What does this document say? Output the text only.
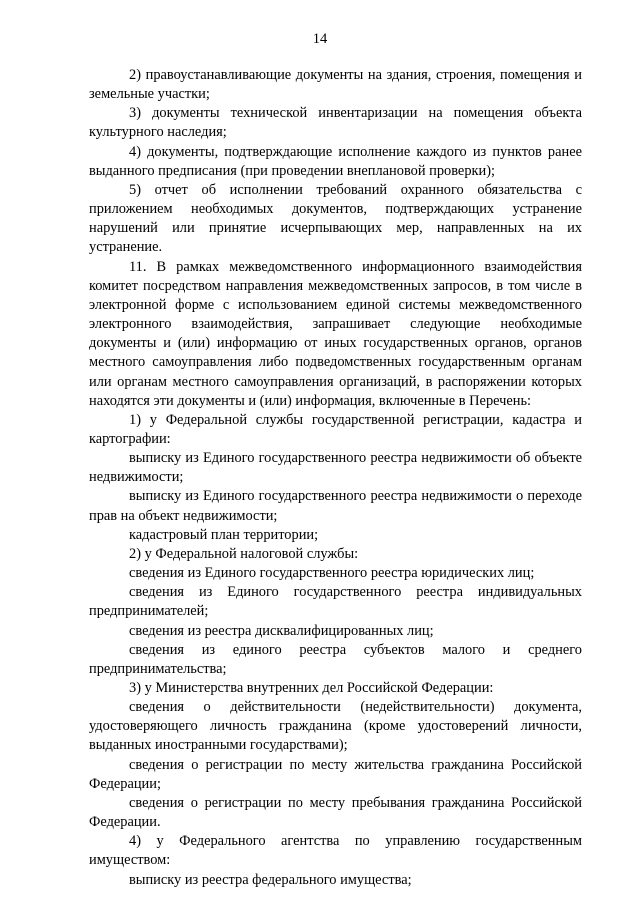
14

2) правоустанавливающие документы на здания, строения, помещения и земельные участки;

3) документы технической инвентаризации на помещения объекта культурного наследия;

4) документы, подтверждающие исполнение каждого из пунктов ранее выданного предписания (при проведении внеплановой проверки);

5) отчет об исполнении требований охранного обязательства с приложением необходимых документов, подтверждающих устранение нарушений или принятие исчерпывающих мер, направленных на их устранение.

11. В рамках межведомственного информационного взаимодействия комитет посредством направления межведомственных запросов, в том числе в электронной форме с использованием единой системы межведомственного электронного взаимодействия, запрашивает следующие необходимые документы и (или) информацию от иных государственных органов, органов местного самоуправления либо подведомственных государственным органам или органам местного самоуправления организаций, в распоряжении которых находятся эти документы и (или) информация, включенные в Перечень:

1) у Федеральной службы государственной регистрации, кадастра и картографии:

выписку из Единого государственного реестра недвижимости об объекте недвижимости;

выписку из Единого государственного реестра недвижимости о переходе прав на объект недвижимости;

кадастровый план территории;

2) у Федеральной налоговой службы:

сведения из Единого государственного реестра юридических лиц;

сведения из Единого государственного реестра индивидуальных предпринимателей;

сведения из реестра дисквалифицированных лиц;

сведения из единого реестра субъектов малого и среднего предпринимательства;

3) у Министерства внутренних дел Российской Федерации:

сведения о действительности (недействительности) документа, удостоверяющего личность гражданина (кроме удостоверений личности, выданных иностранными государствами);

сведения о регистрации по месту жительства гражданина Российской Федерации;

сведения о регистрации по месту пребывания гражданина Российской Федерации.

4) у Федерального агентства по управлению государственным имуществом:

выписку из реестра федерального имущества;
